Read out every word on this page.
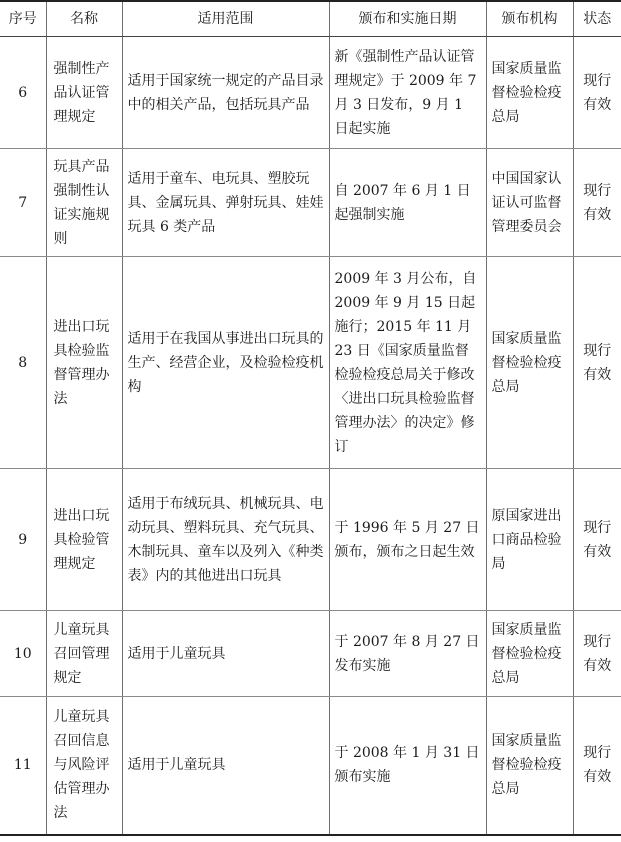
序号	名称	适用范围	颁布和实施日期	颁布机构	状态
6	强制性产品认证管理规定	适用于国家统一规定的产品目录中的相关产品，包括玩具产品	新《强制性产品认证管理规定》于 2009 年 7 月 3 日发布，9 月 1 日起实施	国家质量监督检验检疫总局	现行有效
7	玩具产品强制性认证实施规则	适用于童车、电玩具、塑胶玩具、金属玩具、弹射玩具、娃娃玩具 6 类产品	自 2007 年 6 月 1 日起强制实施	中国国家认证认可监督管理委员会	现行有效
8	进出口玩具检验监督管理办法	适用于在我国从事进出口玩具的生产、经营企业，及检验检疫机构	2009 年 3 月公布，自 2009 年 9 月 15 日起施行；2015 年 11 月 23 日《国家质量监督检验检疫总局关于修改〈进出口玩具检验监督管理办法〉的决定》修订	国家质量监督检验检疫总局	现行有效
9	进出口玩具检验管理规定	适用于布绒玩具、机械玩具、电动玩具、塑料玩具、充气玩具、木制玩具、童车以及列入《种类表》内的其他进出口玩具	于 1996 年 5 月 27 日颁布，颁布之日起生效	原国家进出口商品检验局	现行有效
10	儿童玩具召回管理规定	适用于儿童玩具	于 2007 年 8 月 27 日发布实施	国家质量监督检验检疫总局	现行有效
11	儿童玩具召回信息与风险评估管理办法	适用于儿童玩具	于 2008 年 1 月 31 日颁布实施	国家质量监督检验检疫总局	现行有效
